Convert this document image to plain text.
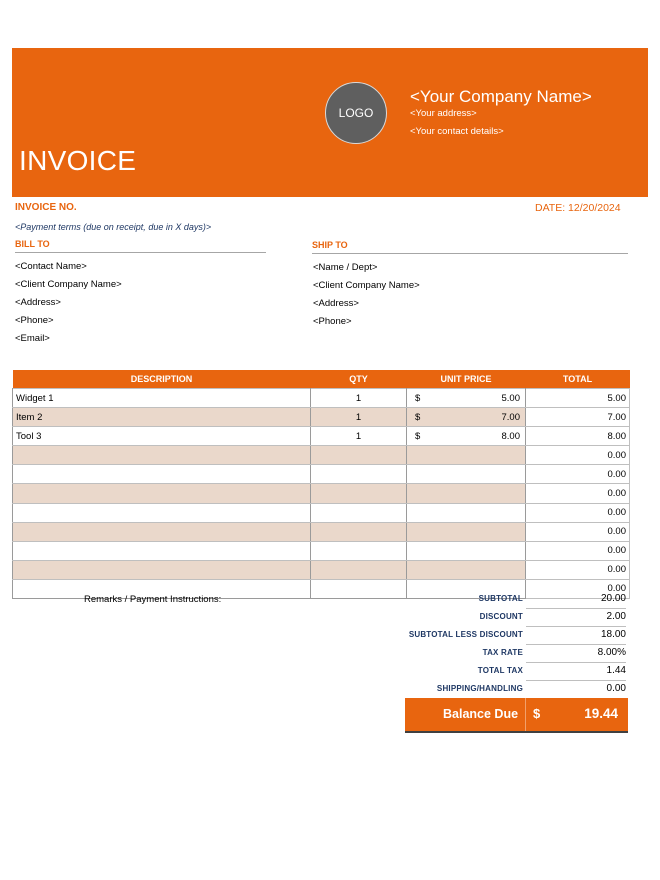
LOGO
<Your Company Name>
<Your address>
<Your contact details>
INVOICE
INVOICE NO.	DATE: 12/20/2024
<Payment terms (due on receipt, due in X days)>
BILL TO
<Contact Name>
<Client Company Name>
<Address>
<Phone>
<Email>
SHIP TO
<Name / Dept>
<Client Company Name>
<Address>
<Phone>
DESCRIPTION	QTY	UNIT PRICE	TOTAL
Widget 1	1	$ 5.00	5.00
Item 2	1	$ 7.00	7.00
Tool 3	1	$ 8.00	8.00
			0.00
			0.00
			0.00
			0.00
			0.00
			0.00
			0.00
			0.00
Remarks / Payment Instructions:	SUBTOTAL	20.00
DISCOUNT	2.00
SUBTOTAL LESS DISCOUNT	18.00
TAX RATE	8.00%
TOTAL TAX	1.44
SHIPPING/HANDLING	0.00
Balance Due $	19.44
